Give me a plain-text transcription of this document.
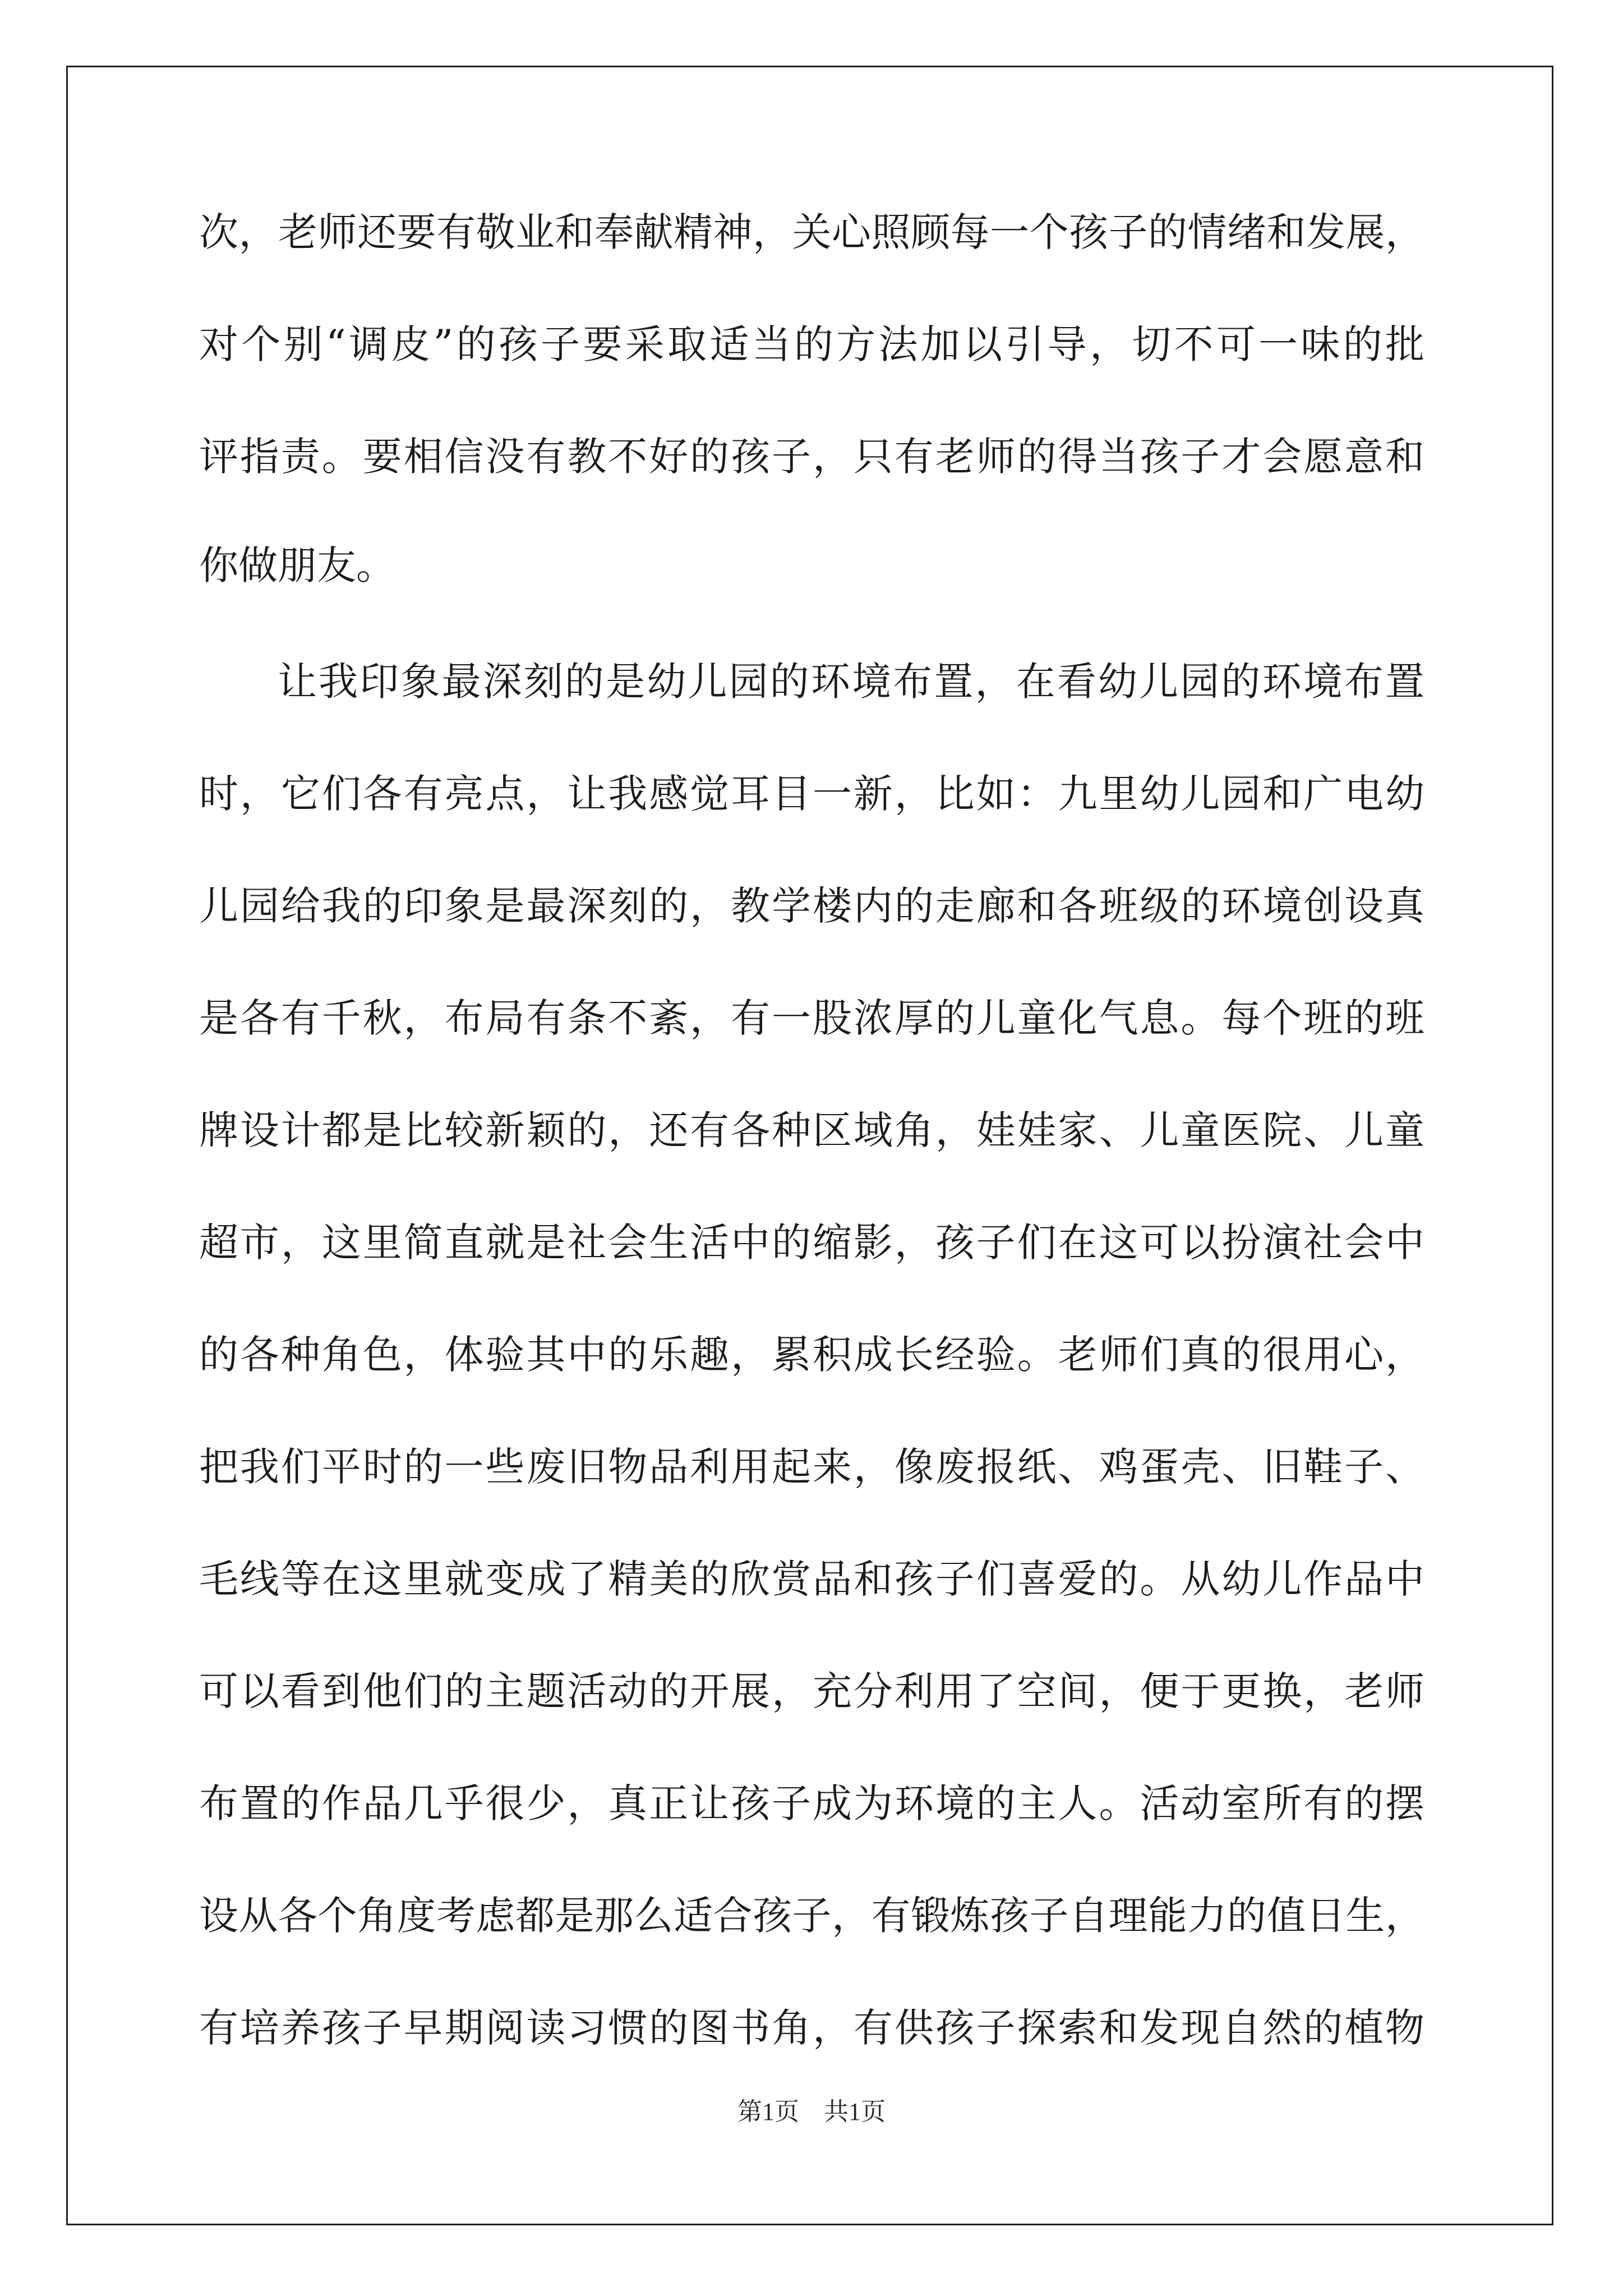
次，老师还要有敬业和奉献精神，关心照顾每一个孩子的情绪和发展，
对个别“调皮”的孩子要采取适当的方法加以引导，切不可一味的批
评指责。要相信没有教不好的孩子，只有老师的得当孩子才会愿意和
你做朋友。
让我印象最深刻的是幼儿园的环境布置，在看幼儿园的环境布置
时，它们各有亮点，让我感觉耳目一新，比如：九里幼儿园和广电幼
儿园给我的印象是最深刻的，教学楼内的走廊和各班级的环境创设真
是各有千秋，布局有条不紊，有一股浓厚的儿童化气息。每个班的班
牌设计都是比较新颖的，还有各种区域角，娃娃家、儿童医院、儿童
超市，这里简直就是社会生活中的缩影，孩子们在这可以扮演社会中
的各种角色，体验其中的乐趣，累积成长经验。老师们真的很用心，
把我们平时的一些废旧物品利用起来，像废报纸、鸡蛋壳、旧鞋子、
毛线等在这里就变成了精美的欣赏品和孩子们喜爱的。从幼儿作品中
可以看到他们的主题活动的开展，充分利用了空间，便于更换，老师
布置的作品几乎很少，真正让孩子成为环境的主人。活动室所有的摆
设从各个角度考虑都是那么适合孩子，有锻炼孩子自理能力的值日生，
有培养孩子早期阅读习惯的图书角，有供孩子探索和发现自然的植物
第1页 共1页
